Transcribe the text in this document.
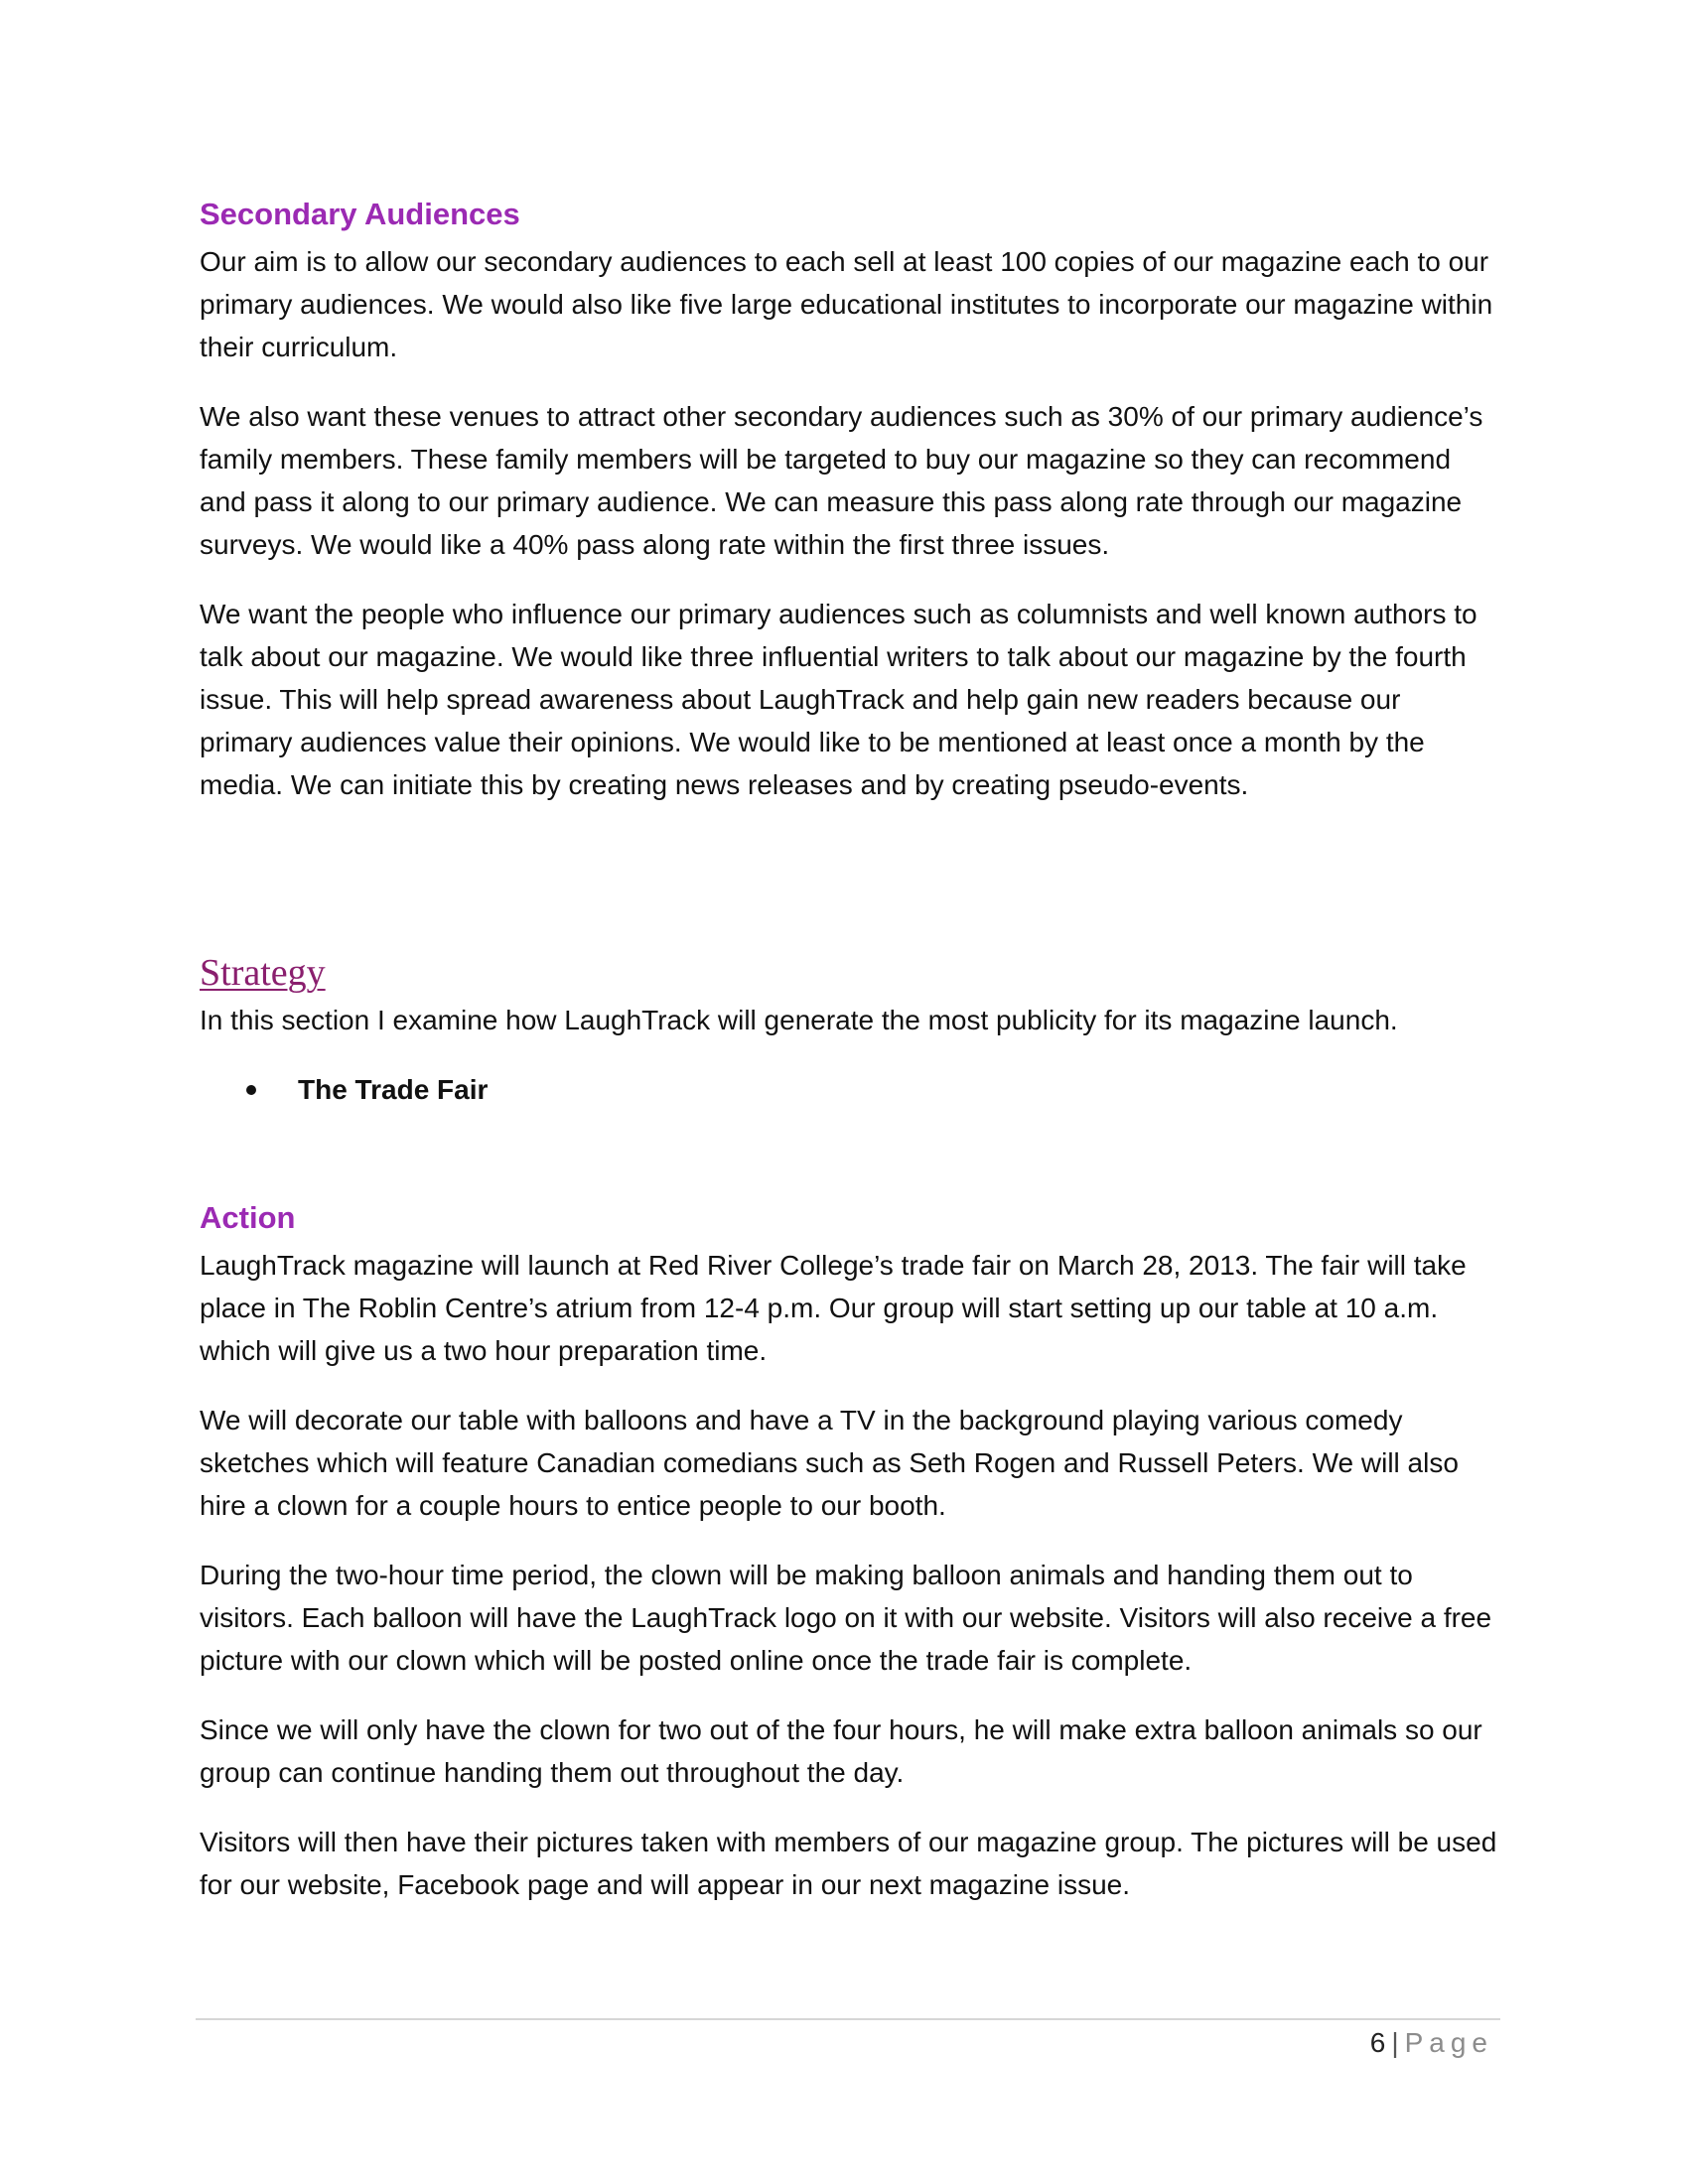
Secondary Audiences

Our aim is to allow our secondary audiences to each sell at least 100 copies of our magazine each to our primary audiences. We would also like five large educational institutes to incorporate our magazine within their curriculum.

We also want these venues to attract other secondary audiences such as 30% of our primary audience’s family members. These family members will be targeted to buy our magazine so they can recommend and pass it along to our primary audience. We can measure this pass along rate through our magazine surveys. We would like a 40% pass along rate within the first three issues.

We want the people who influence our primary audiences such as columnists and well known authors to talk about our magazine. We would like three influential writers to talk about our magazine by the fourth issue. This will help spread awareness about LaughTrack and help gain new readers because our primary audiences value their opinions. We would like to be mentioned at least once a month by the media. We can initiate this by creating news releases and by creating pseudo-events.

Strategy

In this section I examine how LaughTrack will generate the most publicity for its magazine launch.

The Trade Fair
Action

LaughTrack magazine will launch at Red River College’s trade fair on March 28, 2013. The fair will take place in The Roblin Centre’s atrium from 12-4 p.m. Our group will start setting up our table at 10 a.m. which will give us a two hour preparation time.

We will decorate our table with balloons and have a TV in the background playing various comedy sketches which will feature Canadian comedians such as Seth Rogen and Russell Peters. We will also hire a clown for a couple hours to entice people to our booth.

During the two-hour time period, the clown will be making balloon animals and handing them out to visitors. Each balloon will have the LaughTrack logo on it with our website. Visitors will also receive a free picture with our clown which will be posted online once the trade fair is complete.

Since we will only have the clown for two out of the four hours, he will make extra balloon animals so our group can continue handing them out throughout the day.

Visitors will then have their pictures taken with members of our magazine group. The pictures will be used for our website, Facebook page and will appear in our next magazine issue.

6 | Page
